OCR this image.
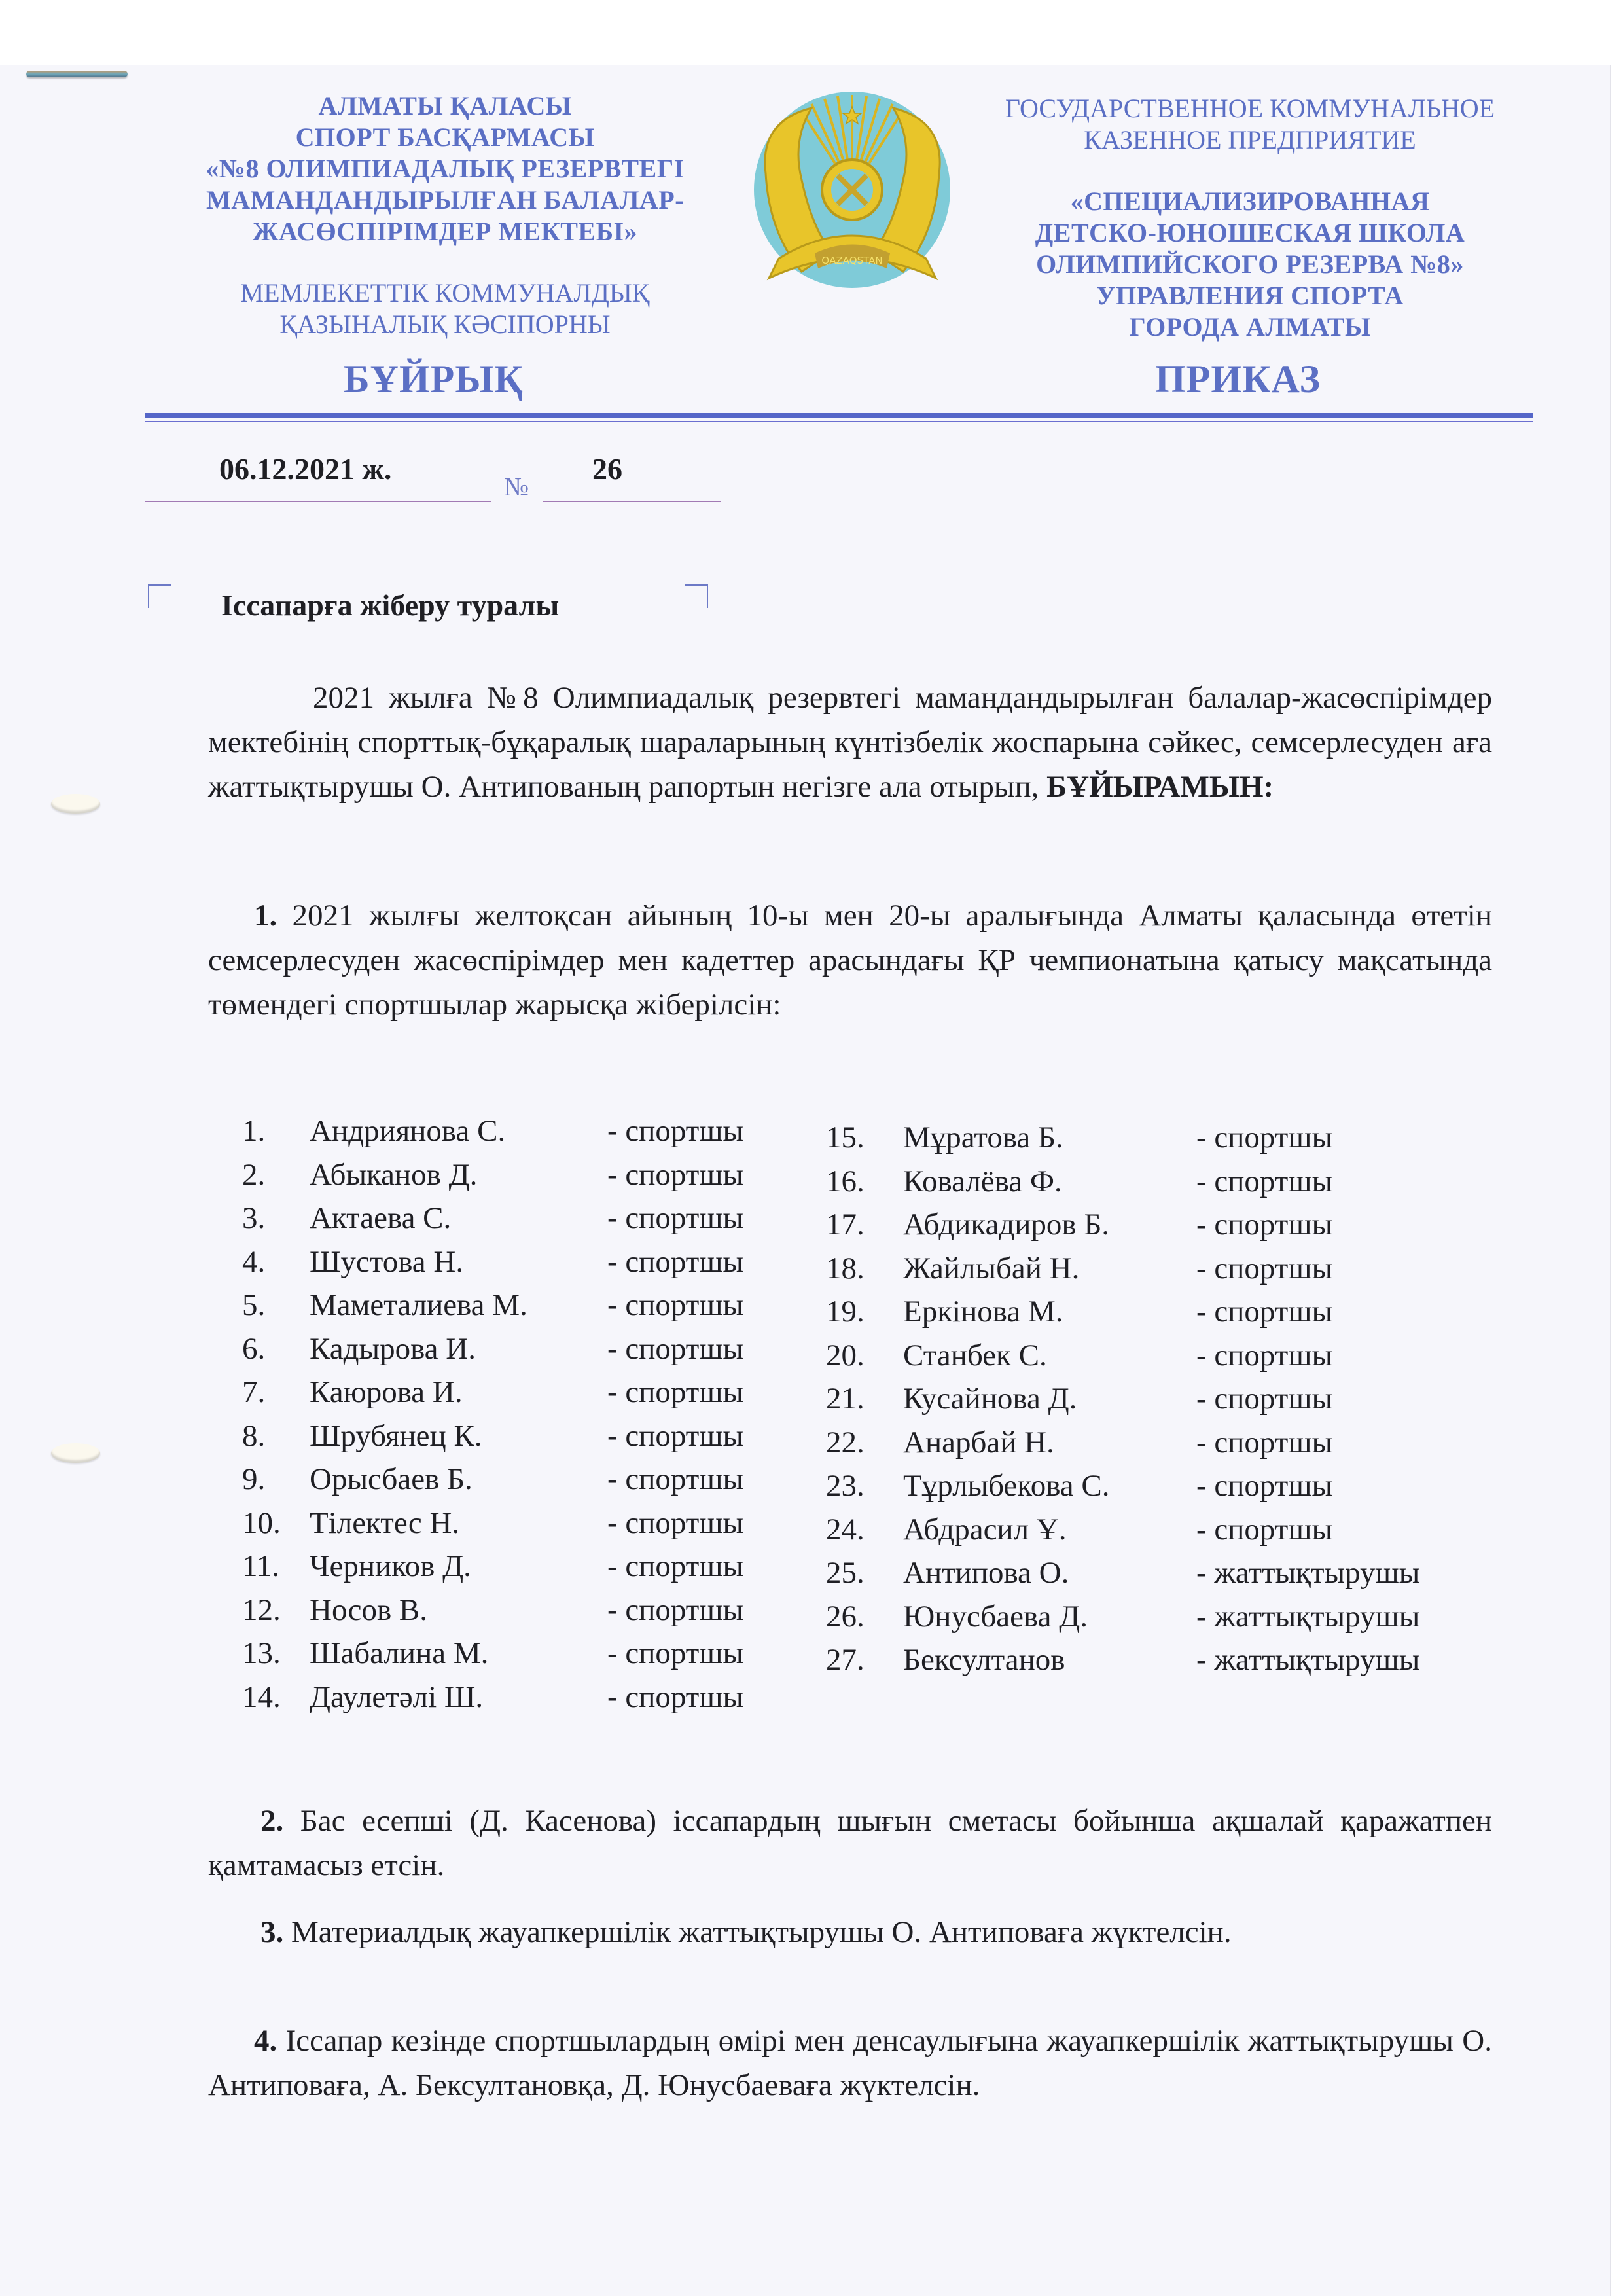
АЛМАТЫ ҚАЛАСЫ
СПОРТ БАСҚАРМАСЫ
«№8 ОЛИМПИАДАЛЫҚ РЕЗЕРВТЕГІ
МАМАНДАНДЫРЫЛҒАН БАЛАЛАР-
ЖАСӨСПІРІМДЕР МЕКТЕБІ»
МЕМЛЕКЕТТІК КОММУНАЛДЫҚ
ҚАЗЫНАЛЫҚ КӘСІПОРНЫ
QAZAQSTAN
ГОСУДАРСТВЕННОЕ КОММУНАЛЬНОЕ
КАЗЕННОЕ ПРЕДПРИЯТИЕ
«СПЕЦИАЛИЗИРОВАННАЯ
ДЕТСКО-ЮНОШЕСКАЯ ШКОЛА
ОЛИМПИЙСКОГО РЕЗЕРВА №8»
УПРАВЛЕНИЯ СПОРТА
ГОРОДА АЛМАТЫ
БҰЙРЫҚ	ПРИКАЗ
06.12.2021 ж.
№
26
Іссапарға жіберу туралы
2021 жылға №8 Олимпиадалық резервтегі мамандандырылған балалар-жасөспірімдер мектебінің спорттық-бұқаралық шараларының күнтізбелік жоспарына сәйкес, семсерлесуден аға жаттықтырушы О. Антипованың рапортын негізге ала отырып, БҰЙЫРАМЫН:
1. 2021 жылғы желтоқсан айының 10-ы мен 20-ы аралығында Алматы қаласында өтетін семсерлесуден жасөспірімдер мен кадеттер арасындағы ҚР чемпионатына қатысу мақсатында төмендегі спортшылар жарысқа жіберілсін:
1.	Андриянова С.	- спортшы
2.	Абыканов Д.	- спортшы
3.	Актаева С.	- спортшы
4.	Шустова Н.	- спортшы
5.	Маметалиева М.	- спортшы
6.	Кадырова И.	- спортшы
7.	Каюрова И.	- спортшы
8.	Шрубянец К.	- спортшы
9.	Орысбаев Б.	- спортшы
10. Тілектес Н.	- спортшы
11. Черников Д.	- спортшы
12. Носов В.	- спортшы
13. Шабалина М.	- спортшы
14. Даулетәлі Ш.	- спортшы
15.	Мұратова Б.	- спортшы
16.	Ковалёва Ф.	- спортшы
17.	Абдикадиров Б.	- спортшы
18.	Жайлыбай Н.	- спортшы
19.	Еркінова М.	- спортшы
20.	Станбек С.	- спортшы
21.	Кусайнова Д.	- спортшы
22.	Анарбай Н.	- спортшы
23.	Тұрлыбекова С.	- спортшы
24.	Абдрасил Ұ.	- спортшы
25.	Антипова О.	- жаттықтырушы
26.	Юнусбаева Д.	- жаттықтырушы
27.	Бексултанов	- жаттықтырушы
2. Бас есепші (Д. Касенова) іссапардың шығын сметасы бойынша ақшалай қаражатпен қамтамасыз етсін.
3. Материалдық жауапкершілік жаттықтырушы О. Антиповаға жүктелсін.
4. Іссапар кезінде спортшылардың өмірі мен денсаулығына жауапкершілік жаттықтырушы О. Антиповаға, А. Бексултановқа, Д. Юнусбаеваға жүктелсін.
